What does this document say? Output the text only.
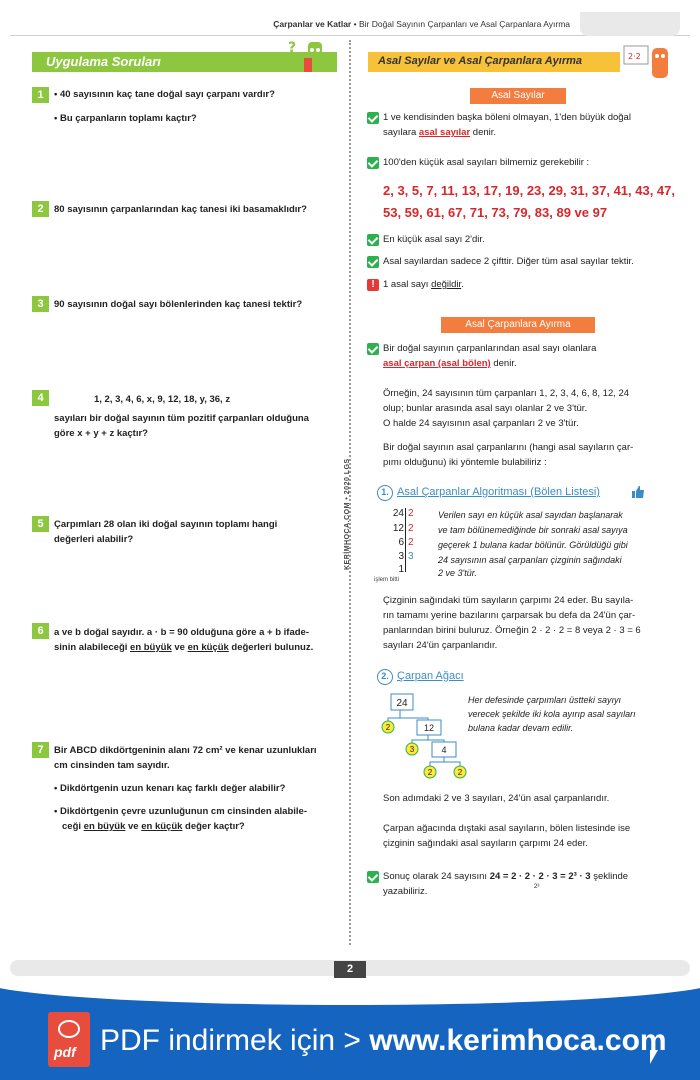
Çarpanlar ve Katlar • Bir Doğal Sayının Çarpanları ve Asal Çarpanlara Ayırma
KERİMHOCA.COM • 2020 LGS
Uygulama Soruları
?
1	• 40 sayısının kaç tane doğal sayı çarpanı vardır?
• Bu çarpanların toplamı kaçtır?
2	80 sayısının çarpanlarından kaç tanesi iki basamaklıdır?
3	90 sayısının doğal sayı bölenlerinden kaç tanesi tektir?
4	1, 2, 3, 4, 6, x, 9, 12, 18, y, 36, z
sayıları bir doğal sayının tüm pozitif çarpanları olduğuna
göre x + y + z kaçtır?
5	Çarpımları 28 olan iki doğal sayının toplamı hangi
değerleri alabilir?
6	a ve b doğal sayıdır. a · b = 90 olduğuna göre a + b ifade-
sinin alabileceği en büyük ve en küçük değerleri bulunuz.
7	Bir ABCD dikdörtgeninin alanı 72 cm² ve kenar uzunlukları
cm cinsinden tam sayıdır.
• Dikdörtgenin uzun kenarı kaç farklı değer alabilir?
• Dikdörtgenin çevre uzunluğunun cm cinsinden alabile-
ceği en büyük ve en küçük değer kaçtır?
Asal Sayılar ve Asal Çarpanlara Ayırma	2·2
Asal Sayılar
1 ve kendisinden başka böleni olmayan, 1'den büyük doğal
sayılara asal sayılar denir.
100'den küçük asal sayıları bilmemiz gerekebilir :
2, 3, 5, 7, 11, 13, 17, 19, 23, 29, 31, 37, 41, 43, 47,
53, 59, 61, 67, 71, 73, 79, 83, 89 ve 97
En küçük asal sayı 2'dir.
Asal sayılardan sadece 2 çifttir. Diğer tüm asal sayılar tektir.
! 1 asal sayı değildir.
Asal Çarpanlara Ayırma
Bir doğal sayının çarpanlarından asal sayı olanlara
asal çarpan (asal bölen) denir.
Örneğin, 24 sayısının tüm çarpanları 1, 2, 3, 4, 6, 8, 12, 24
olup; bunlar arasında asal sayı olanlar 2 ve 3'tür.
O halde 24 sayısının asal çarpanları 2 ve 3'tür.
Bir doğal sayının asal çarpanlarını (hangi asal sayıların çar-
pımı olduğunu) iki yöntemle bulabiliriz :
1. Asal Çarpanlar Algoritması (Bölen Listesi)
24 2
12 2
6 2
3 3
1
işlem bitti
Verilen sayı en küçük asal sayıdan başlanarak
ve tam bölünemediğinde bir sonraki asal sayıya
geçerek 1 bulana kadar bölünür. Görüldüğü gibi
24 sayısının asal çarpanları çizginin sağındaki
2 ve 3'tür.
Çizginin sağındaki tüm sayıların çarpımı 24 eder. Bu sayıla-
rın tamamı yerine bazılarını çarparsak bu defa da 24'ün çar-
panlarından birini buluruz. Örneğin 2 · 2 · 2 = 8 veya 2 · 3 = 6
sayıları 24'ün çarpanlarıdır.
2. Çarpan Ağacı
24
2	12
3	4
2	2
Her defesinde çarpımları üstteki sayıyı
verecek şekilde iki kola ayırıp asal sayıları
bulana kadar devam edilir.
Son adımdaki 2 ve 3 sayıları, 24'ün asal çarpanlarıdır.
Çarpan ağacında dıştaki asal sayıların, bölen listesinde ise
çizginin sağındaki asal sayıların çarpımı 24 eder.
Sonuç olarak 24 sayısını 24 = 2 · 2 · 2 · 3 = 2³ · 3 şeklinde
yazabiliriz.	2³
2
pdf PDF indirmek için > www.kerimhoca.com
